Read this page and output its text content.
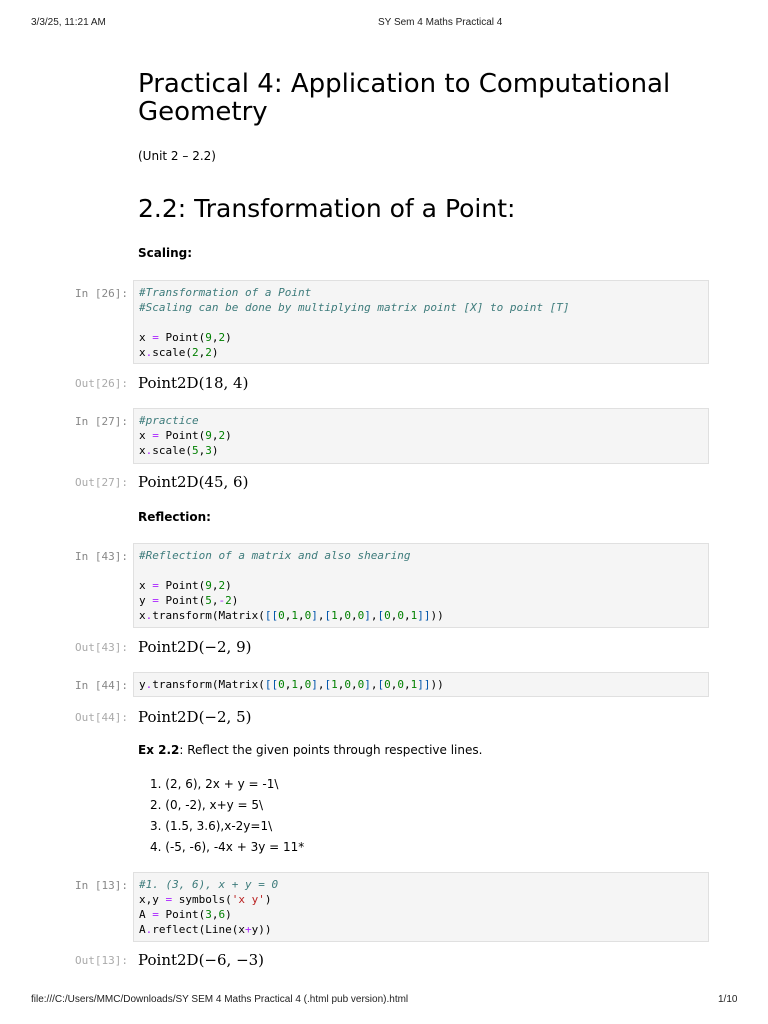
3/3/25, 11:21 AM	SY Sem 4 Maths Practical 4
Practical 4: Application to Computational Geometry
(Unit 2 – 2.2)
2.2: Transformation of a Point:
Scaling:
In [26]: #Transformation of a Point
#Scaling can be done by multiplying matrix point [X] to point [T]
x = Point(9,2)
x.scale(2,2)
Out[26]: Point2D(18, 4)
In [27]: #practice
x = Point(9,2)
x.scale(5,3)
Out[27]: Point2D(45, 6)
Reflection:
In [43]: #Reflection of a matrix and also shearing
x = Point(9,2)
y = Point(5,-2)
x.transform(Matrix([[0,1,0],[1,0,0],[0,0,1]]))
Out[43]: Point2D(−2, 9)
In [44]: y.transform(Matrix([[0,1,0],[1,0,0],[0,0,1]]))
Out[44]: Point2D(−2, 5)
Ex 2.2: Reflect the given points through respective lines.
1. (2, 6), 2x + y = -1\
2. (0, -2), x+y = 5\
3. (1.5, 3.6),x-2y=1\
4. (-5, -6), -4x + 3y = 11*
In [13]: #1. (3, 6), x + y = 0
x,y = symbols('x y')
A = Point(3,6)
A.reflect(Line(x+y))
Out[13]: Point2D(−6, −3)
file:///C:/Users/MMC/Downloads/SY SEM 4 Maths Practical 4 (.html pub version).html	1/10
